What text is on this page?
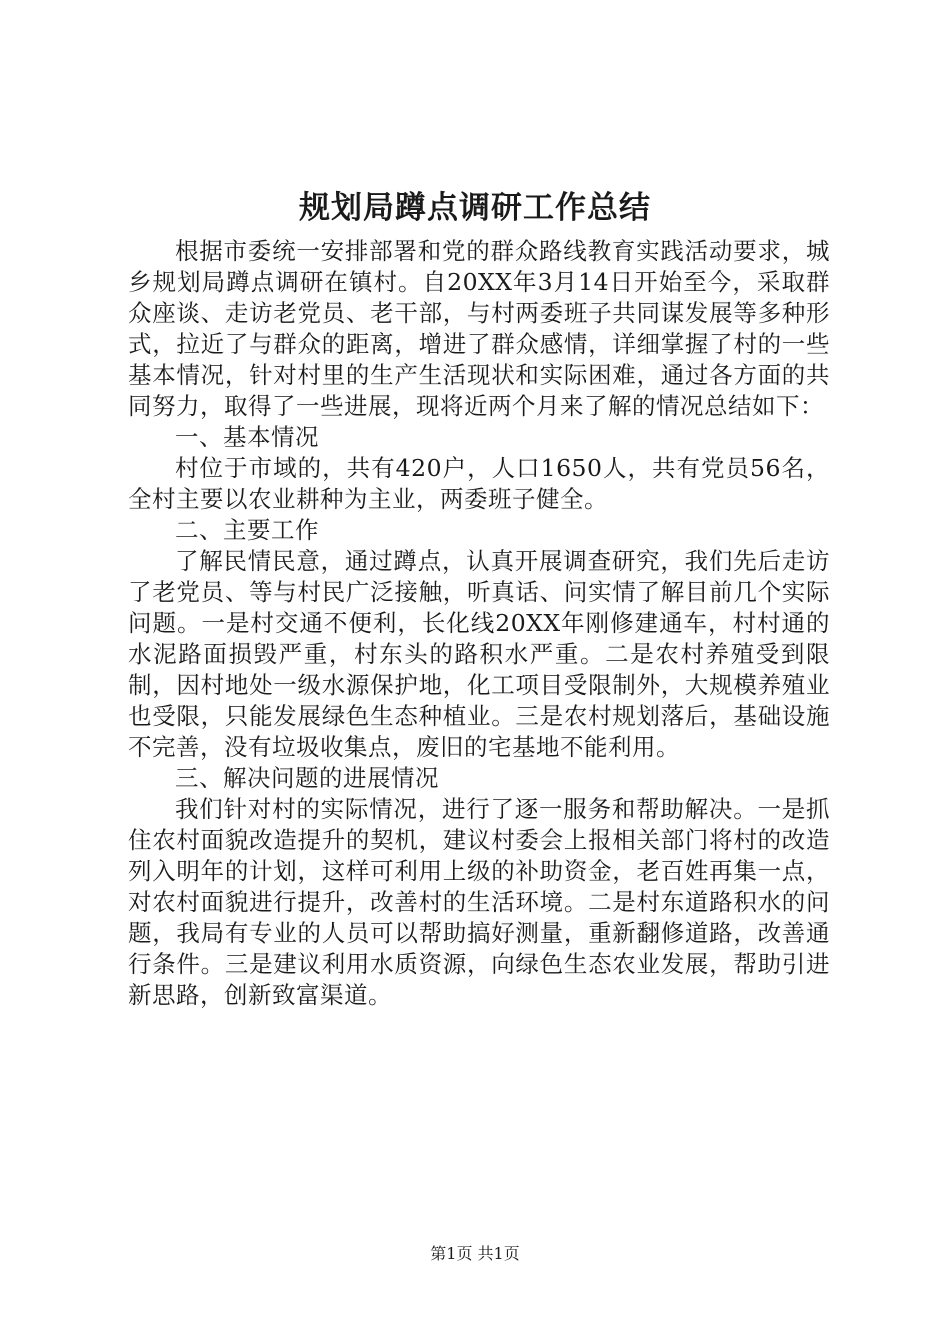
规划局蹲点调研工作总结

根据市委统一安排部署和党的群众路线教育实践活动要求，城乡规划局蹲点调研在镇村。自20XX年3月14日开始至今，采取群众座谈、走访老党员、老干部，与村两委班子共同谋发展等多种形式，拉近了与群众的距离，增进了群众感情，详细掌握了村的一些基本情况，针对村里的生产生活现状和实际困难，通过各方面的共同努力，取得了一些进展，现将近两个月来了解的情况总结如下：

一、基本情况

村位于市域的，共有420户，人口1650人，共有党员56名，全村主要以农业耕种为主业，两委班子健全。

二、主要工作

了解民情民意，通过蹲点，认真开展调查研究，我们先后走访了老党员、等与村民广泛接触，听真话、问实情了解目前几个实际问题。一是村交通不便利，长化线20XX年刚修建通车，村村通的水泥路面损毁严重，村东头的路积水严重。二是农村养殖受到限制，因村地处一级水源保护地，化工项目受限制外，大规模养殖业也受限，只能发展绿色生态种植业。三是农村规划落后，基础设施不完善，没有垃圾收集点，废旧的宅基地不能利用。

三、解决问题的进展情况

我们针对村的实际情况，进行了逐一服务和帮助解决。一是抓住农村面貌改造提升的契机，建议村委会上报相关部门将村的改造列入明年的计划，这样可利用上级的补助资金，老百姓再集一点，对农村面貌进行提升，改善村的生活环境。二是村东道路积水的问题，我局有专业的人员可以帮助搞好测量，重新翻修道路，改善通行条件。三是建议利用水质资源，向绿色生态农业发展，帮助引进新思路，创新致富渠道。

第1页 共1页
